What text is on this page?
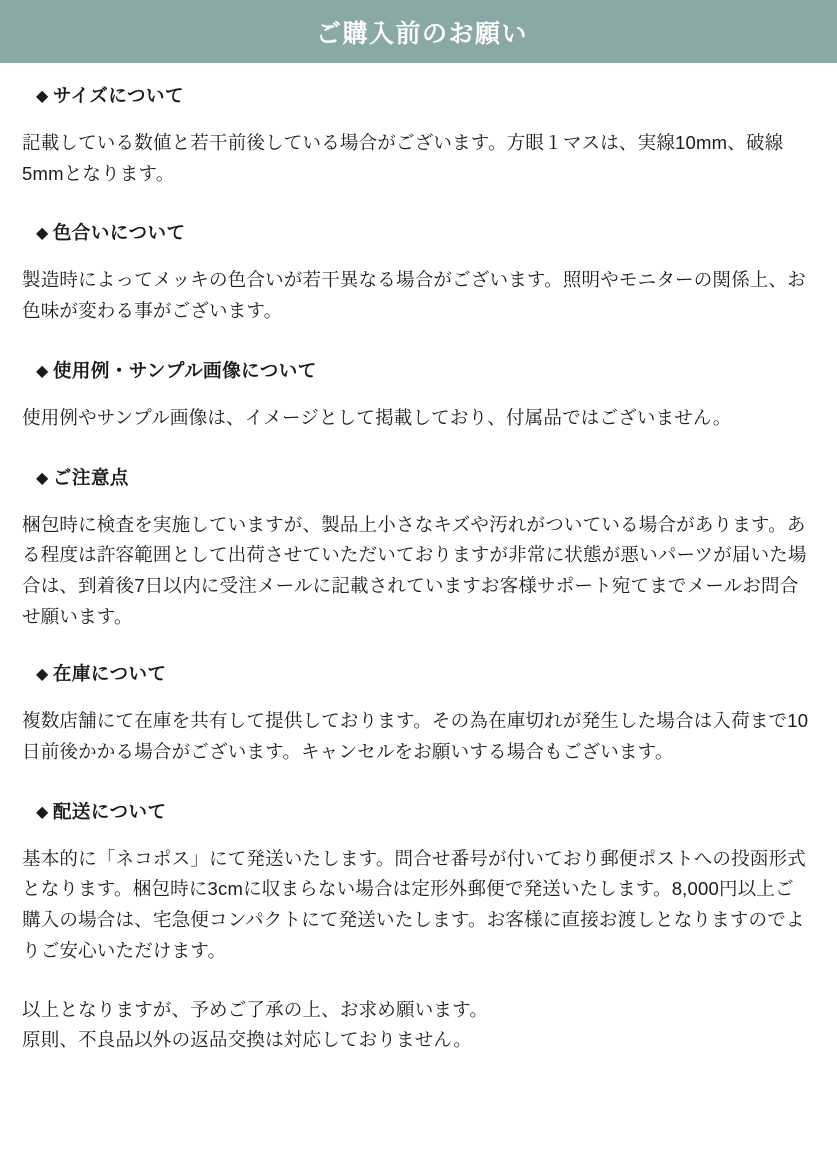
ご購入前のお願い
◆ サイズについて
記載している数値と若干前後している場合がございます。方眼１マスは、実線10mm、破線5mmとなります。
◆ 色合いについて
製造時によってメッキの色合いが若干異なる場合がございます。照明やモニターの関係上、お色味が変わる事がございます。
◆ 使用例・サンプル画像について
使用例やサンプル画像は、イメージとして掲載しており、付属品ではございません。
◆ ご注意点
梱包時に検査を実施していますが、製品上小さなキズや汚れがついている場合があります。ある程度は許容範囲として出荷させていただいておりますが非常に状態が悪いパーツが届いた場合は、到着後7日以内に受注メールに記載されていますお客様サポート宛てまでメールお問合せ願います。
◆ 在庫について
複数店舗にて在庫を共有して提供しております。その為在庫切れが発生した場合は入荷まで10日前後かかる場合がございます。キャンセルをお願いする場合もございます。
◆ 配送について
基本的に「ネコポス」にて発送いたします。問合せ番号が付いており郵便ポストへの投函形式となります。梱包時に3cmに収まらない場合は定形外郵便で発送いたします。8,000円以上ご購入の場合は、宅急便コンパクトにて発送いたします。お客様に直接お渡しとなりますのでよりご安心いただけます。
以上となりますが、予めご了承の上、お求め願います。
原則、不良品以外の返品交換は対応しておりません。
